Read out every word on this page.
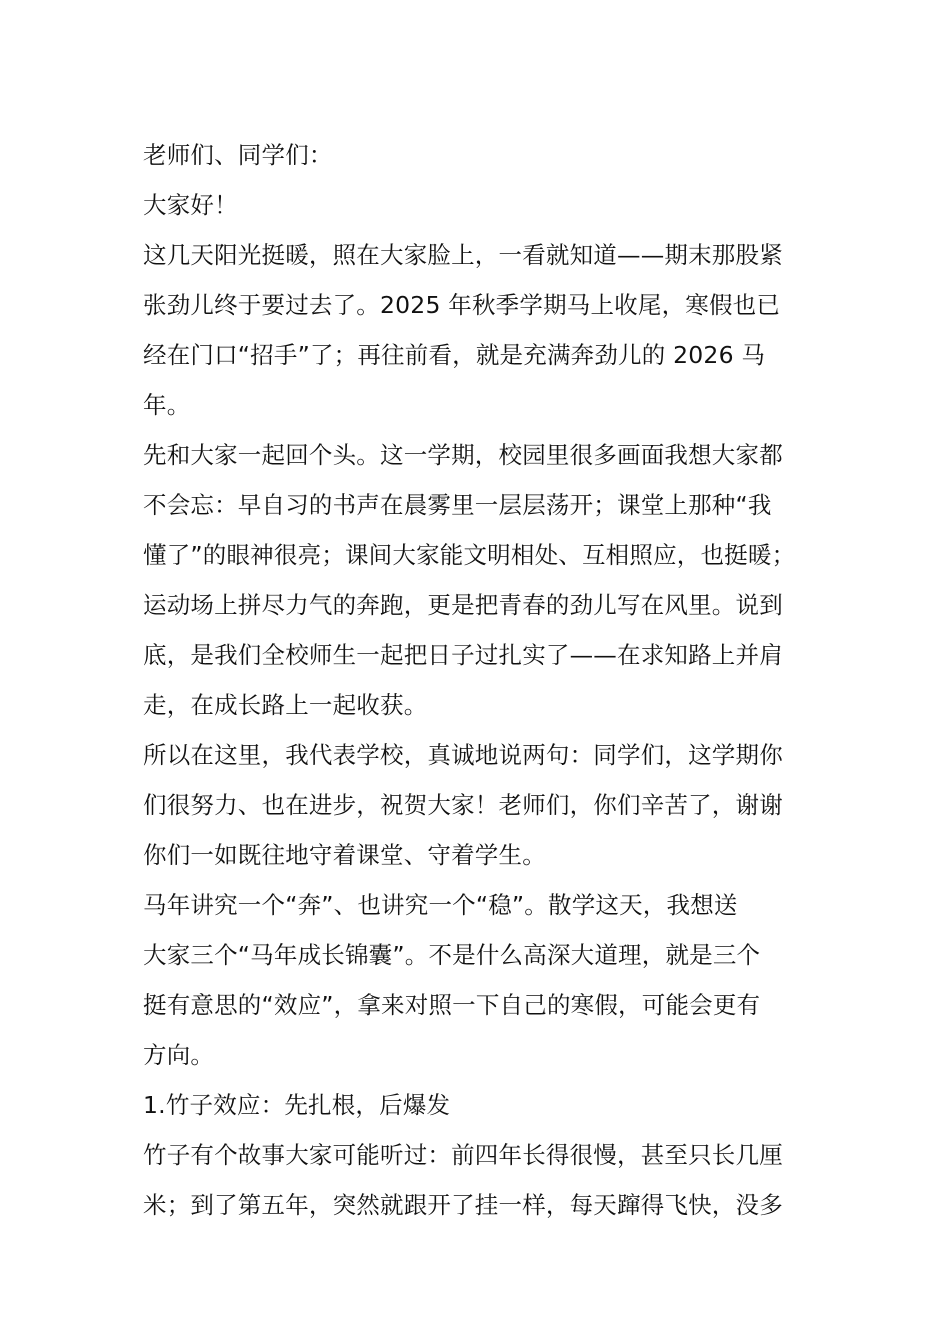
老师们、同学们：
大家好！
这几天阳光挺暖，照在大家脸上，一看就知道——期末那股紧
张劲儿终于要过去了。2025 年秋季学期马上收尾，寒假也已
经在门口“招手”了；再往前看，就是充满奔劲儿的 2026 马
年。
先和大家一起回个头。这一学期，校园里很多画面我想大家都
不会忘：早自习的书声在晨雾里一层层荡开；课堂上那种“我
懂了”的眼神很亮；课间大家能文明相处、互相照应，也挺暖；
运动场上拼尽力气的奔跑，更是把青春的劲儿写在风里。说到
底，是我们全校师生一起把日子过扎实了——在求知路上并肩
走，在成长路上一起收获。
所以在这里，我代表学校，真诚地说两句：同学们，这学期你
们很努力、也在进步，祝贺大家！老师们，你们辛苦了，谢谢
你们一如既往地守着课堂、守着学生。
马年讲究一个“奔”、也讲究一个“稳”。散学这天，我想送
大家三个“马年成长锦囊”。不是什么高深大道理，就是三个
挺有意思的“效应”，拿来对照一下自己的寒假，可能会更有
方向。
1.竹子效应：先扎根，后爆发
竹子有个故事大家可能听过：前四年长得很慢，甚至只长几厘
米；到了第五年，突然就跟开了挂一样，每天蹿得飞快，没多
